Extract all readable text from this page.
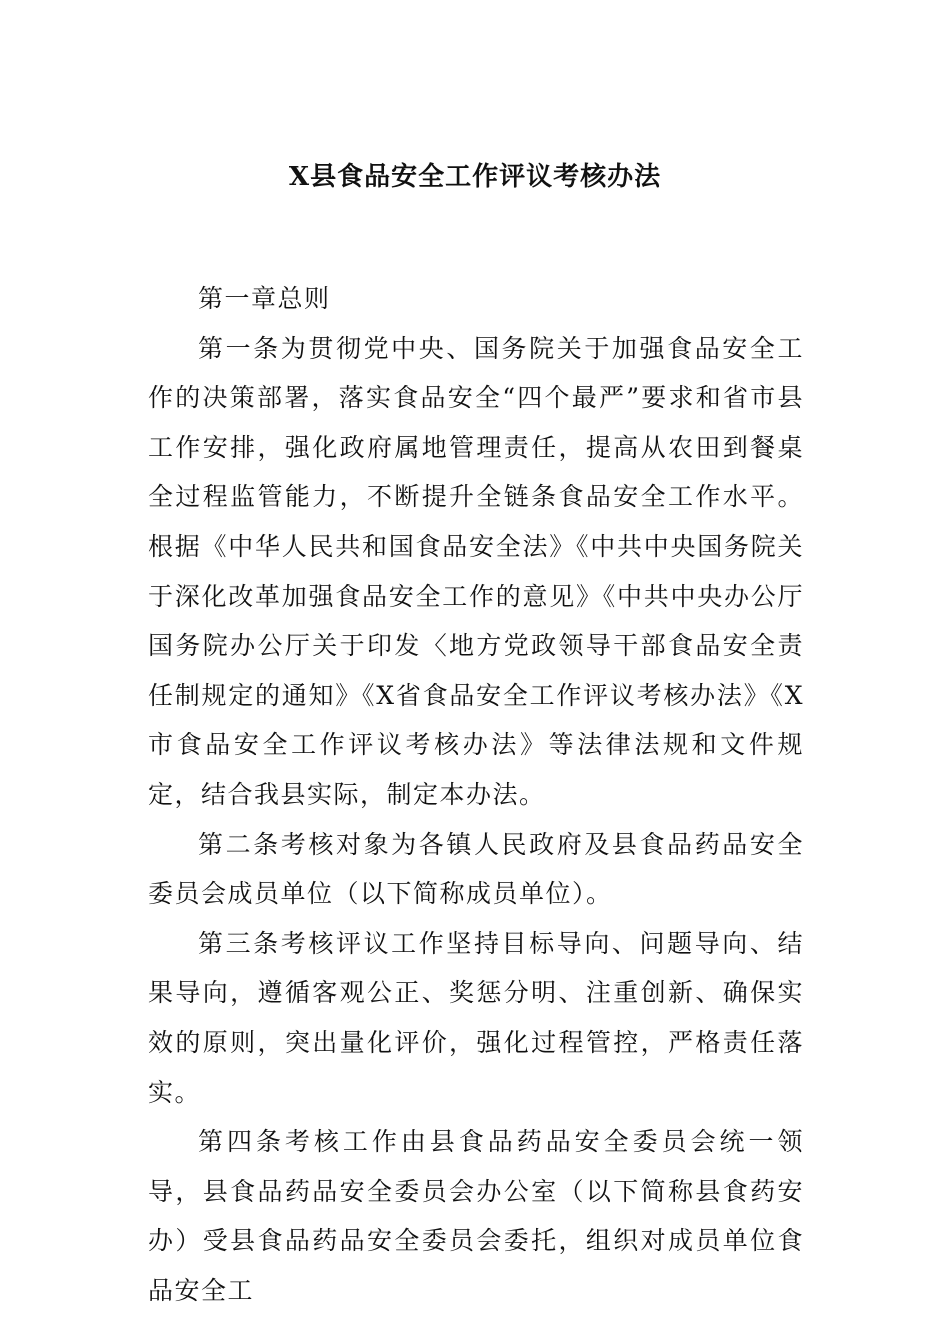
X县食品安全工作评议考核办法

第一章总则

第一条为贯彻党中央、国务院关于加强食品安全工作的决策部署，落实食品安全“四个最严”要求和省市县工作安排，强化政府属地管理责任，提高从农田到餐桌全过程监管能力，不断提升全链条食品安全工作水平。根据《中华人民共和国食品安全法》《中共中央国务院关于深化改革加强食品安全工作的意见》《中共中央办公厅国务院办公厅关于印发〈地方党政领导干部食品安全责任制规定的通知》《X省食品安全工作评议考核办法》《X市食品安全工作评议考核办法》等法律法规和文件规定，结合我县实际，制定本办法。

第二条考核对象为各镇人民政府及县食品药品安全委员会成员单位（以下简称成员单位）。

第三条考核评议工作坚持目标导向、问题导向、结果导向，遵循客观公正、奖惩分明、注重创新、确保实效的原则，突出量化评价，强化过程管控，严格责任落实。

第四条考核工作由县食品药品安全委员会统一领导，县食品药品安全委员会办公室（以下简称县食药安办）受县食品药品安全委员会委托，组织对成员单位食品安全工
